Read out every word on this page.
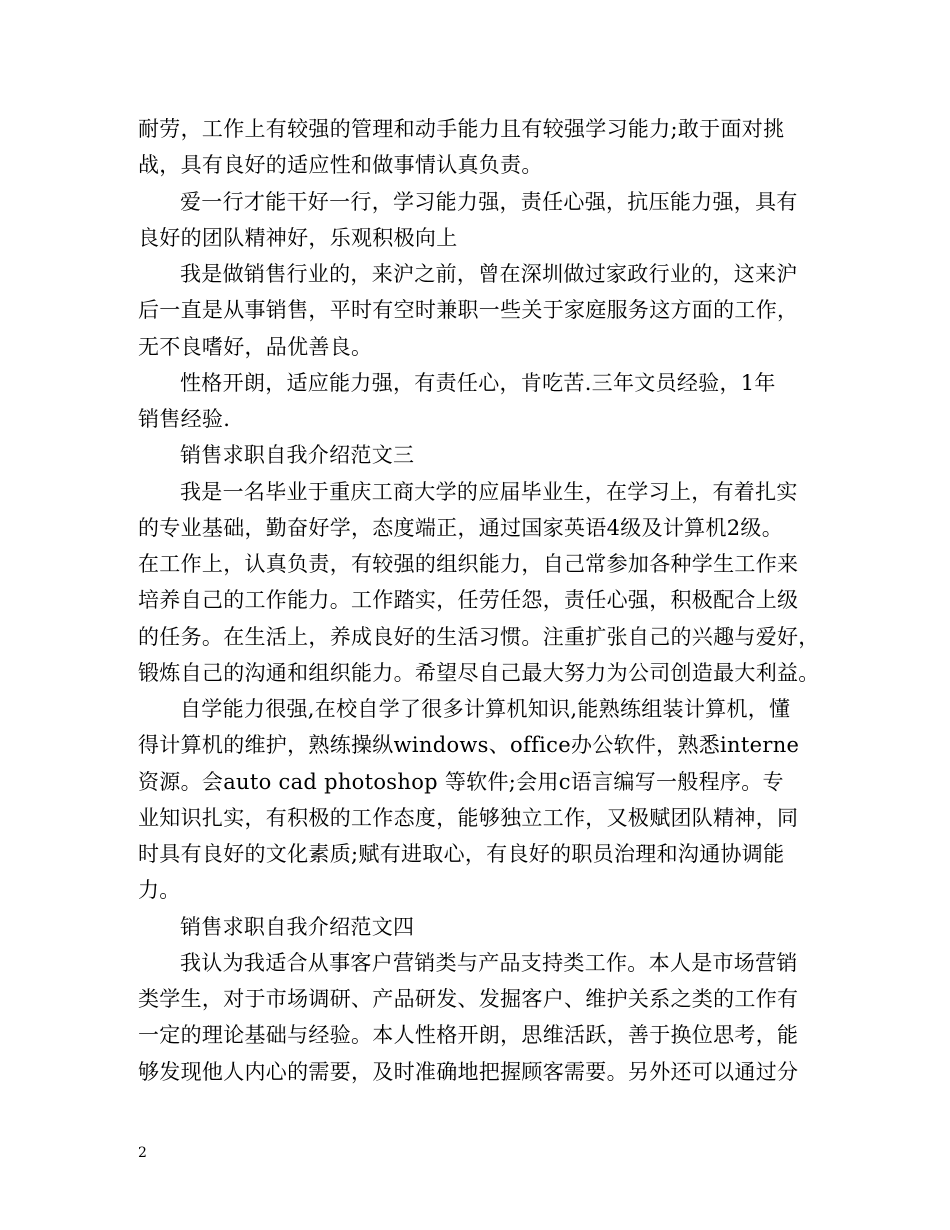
耐劳，工作上有较强的管理和动手能力且有较强学习能力;敢于面对挑
战，具有良好的适应性和做事情认真负责。
爱一行才能干好一行，学习能力强，责任心强，抗压能力强，具有
良好的团队精神好，乐观积极向上
我是做销售行业的，来沪之前，曾在深圳做过家政行业的，这来沪
后一直是从事销售，平时有空时兼职一些关于家庭服务这方面的工作，
无不良嗜好，品优善良。
性格开朗，适应能力强，有责任心，肯吃苦.三年文员经验，1年
销售经验.
销售求职自我介绍范文三
我是一名毕业于重庆工商大学的应届毕业生，在学习上，有着扎实
的专业基础，勤奋好学，态度端正，通过国家英语4级及计算机2级。
在工作上，认真负责，有较强的组织能力，自己常参加各种学生工作来
培养自己的工作能力。工作踏实，任劳任怨，责任心强，积极配合上级
的任务。在生活上，养成良好的生活习惯。注重扩张自己的兴趣与爱好，
锻炼自己的沟通和组织能力。希望尽自己最大努力为公司创造最大利益。
自学能力很强,在校自学了很多计算机知识,能熟练组装计算机，懂
得计算机的维护，熟练操纵windows、office办公软件，熟悉interne
资源。会auto cad photoshop 等软件;会用c语言编写一般程序。专
业知识扎实，有积极的工作态度，能够独立工作，又极赋团队精神，同
时具有良好的文化素质;赋有进取心，有良好的职员治理和沟通协调能
力。
销售求职自我介绍范文四
我认为我适合从事客户营销类与产品支持类工作。本人是市场营销
类学生，对于市场调研、产品研发、发掘客户、维护关系之类的工作有
一定的理论基础与经验。本人性格开朗，思维活跃，善于换位思考，能
够发现他人内心的需要，及时准确地把握顾客需要。另外还可以通过分
2
